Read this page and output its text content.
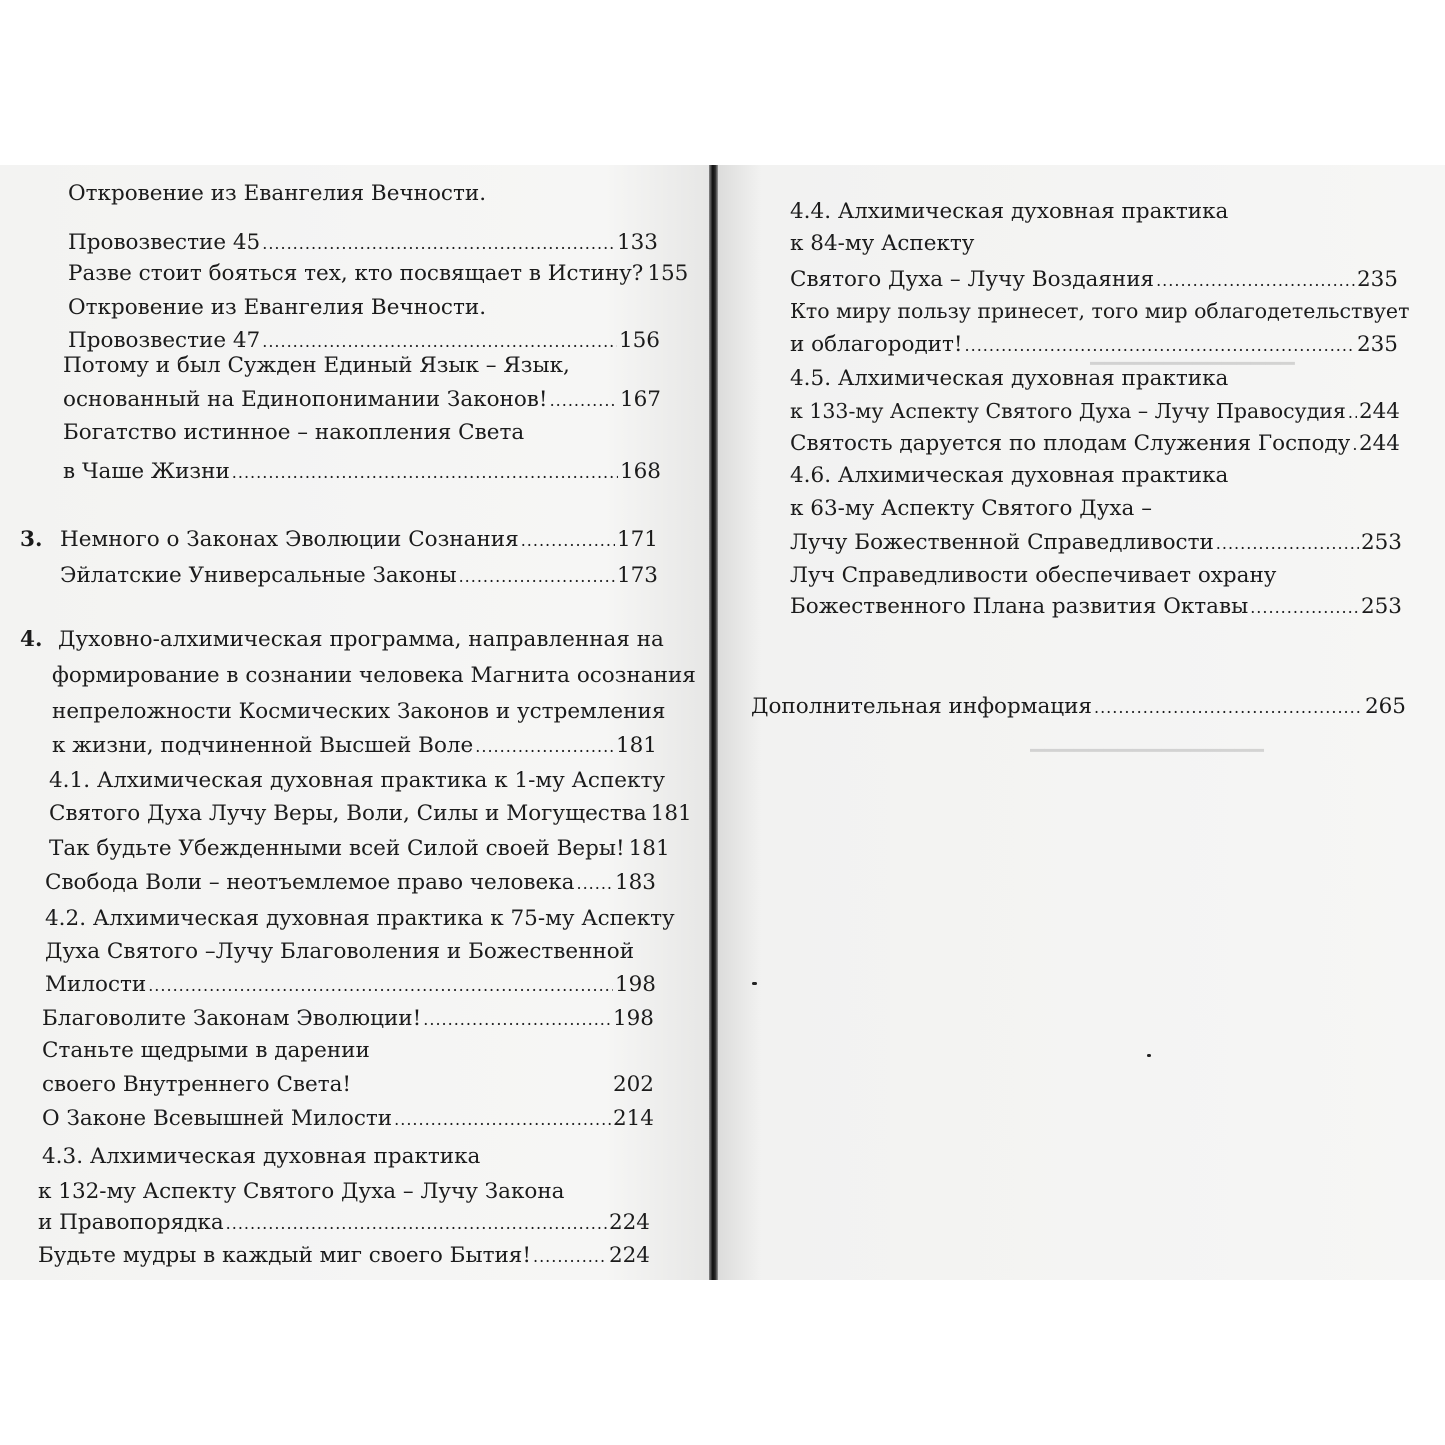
▁▁▁▁▁▁▁▁▁▁▁▁▁▁
▁▁▁▁▁▁▁▁▁▁▁▁▁▁▁▁
Откровение из Евангелия Вечности.
Провозвестие 45 .....	133
Разве стоит бояться тех, кто посвящает в Истину? 155
Откровение из Евангелия Вечности.
Провозвестие 47 .....	156
Потому и был Сужден Единый Язык – Язык,
основанный на Единопонимании Законов! .....	167
Богатство истинное – накопления Света
в Чаше Жизни .....	168
3. Немного о Законах Эволюции Сознания .....	171
Эйлатские Универсальные Законы .....	173
4. Духовно-алхимическая программа, направленная на
формирование в сознании человека Магнита осознания
непреложности Космических Законов и устремления
к жизни, подчиненной Высшей Воле .....	181
4.1. Алхимическая духовная практика к 1-му Аспекту
Святого Духа Лучу Веры, Воли, Силы и Могущества 181
Так будьте Убежденными всей Силой своей Веры! 181
Свобода Воли – неотъемлемое право человека ..... 183
4.2. Алхимическая духовная практика к 75-му Аспекту
Духа Святого –Лучу Благоволения и Божественной
Милости .....	198
Благоволите Законам Эволюции! .....	198
Станьте щедрыми в дарении
своего Внутреннего Света!	202
О Законе Всевышней Милости .....	214
4.3. Алхимическая духовная практика
к 132-му Аспекту Святого Духа – Лучу Закона
и Правопорядка .....	224
Будьте мудры в каждый миг своего Бытия! .....	224
4.4. Алхимическая духовная практика
к 84-му Аспекту
Святого Духа – Лучу Воздаяния .....	235
Кто миру пользу принесет, того мир облагодетельствует
и облагородит! .....	235
4.5. Алхимическая духовная практика
к 133-му Аспекту Святого Духа – Лучу Правосудия ..... 244
Святость даруется по плодам Служения Господу ..... 244
4.6. Алхимическая духовная практика
к 63-му Аспекту Святого Духа –
Лучу Божественной Справедливости .....	253
Луч Справедливости обеспечивает охрану
Божественного Плана развития Октавы .....	253
Дополнительная информация .....	265
